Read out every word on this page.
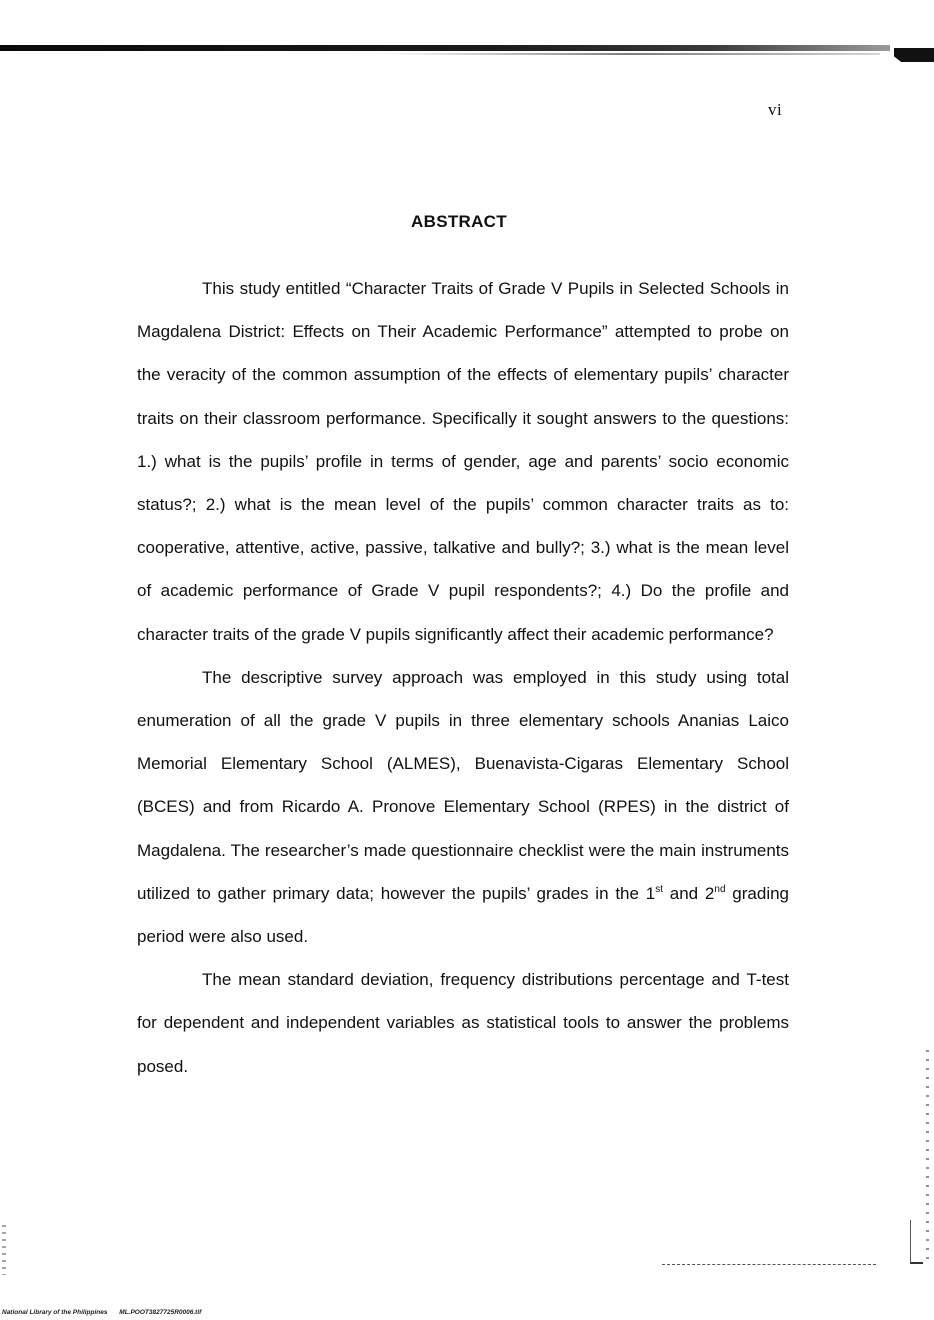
vi
ABSTRACT

This study entitled “Character Traits of Grade V Pupils in Selected Schools in Magdalena District: Effects on Their Academic Performance” attempted to probe on the veracity of the common assumption of the effects of elementary pupils’ character traits on their classroom performance. Specifically it sought answers to the questions: 1.) what is the pupils’ profile in terms of gender, age and parents’ socio economic status?; 2.) what is the mean level of the pupils’ common character traits as to: cooperative, attentive, active, passive, talkative and bully?; 3.) what is the mean level of academic performance of Grade V pupil respondents?; 4.) Do the profile and character traits of the grade V pupils significantly affect their academic performance?

The descriptive survey approach was employed in this study using total enumeration of all the grade V pupils in three elementary schools Ananias Laico Memorial Elementary School (ALMES), Buenavista-Cigaras Elementary School (BCES) and from Ricardo A. Pronove Elementary School (RPES) in the district of Magdalena. The researcher’s made questionnaire checklist were the main instruments utilized to gather primary data; however the pupils’ grades in the 1st and 2nd grading period were also used.

The mean standard deviation, frequency distributions percentage and T-test for dependent and independent variables as statistical tools to answer the problems posed.

National Library of the Philippines ML.POOT3827725R0006.tif
